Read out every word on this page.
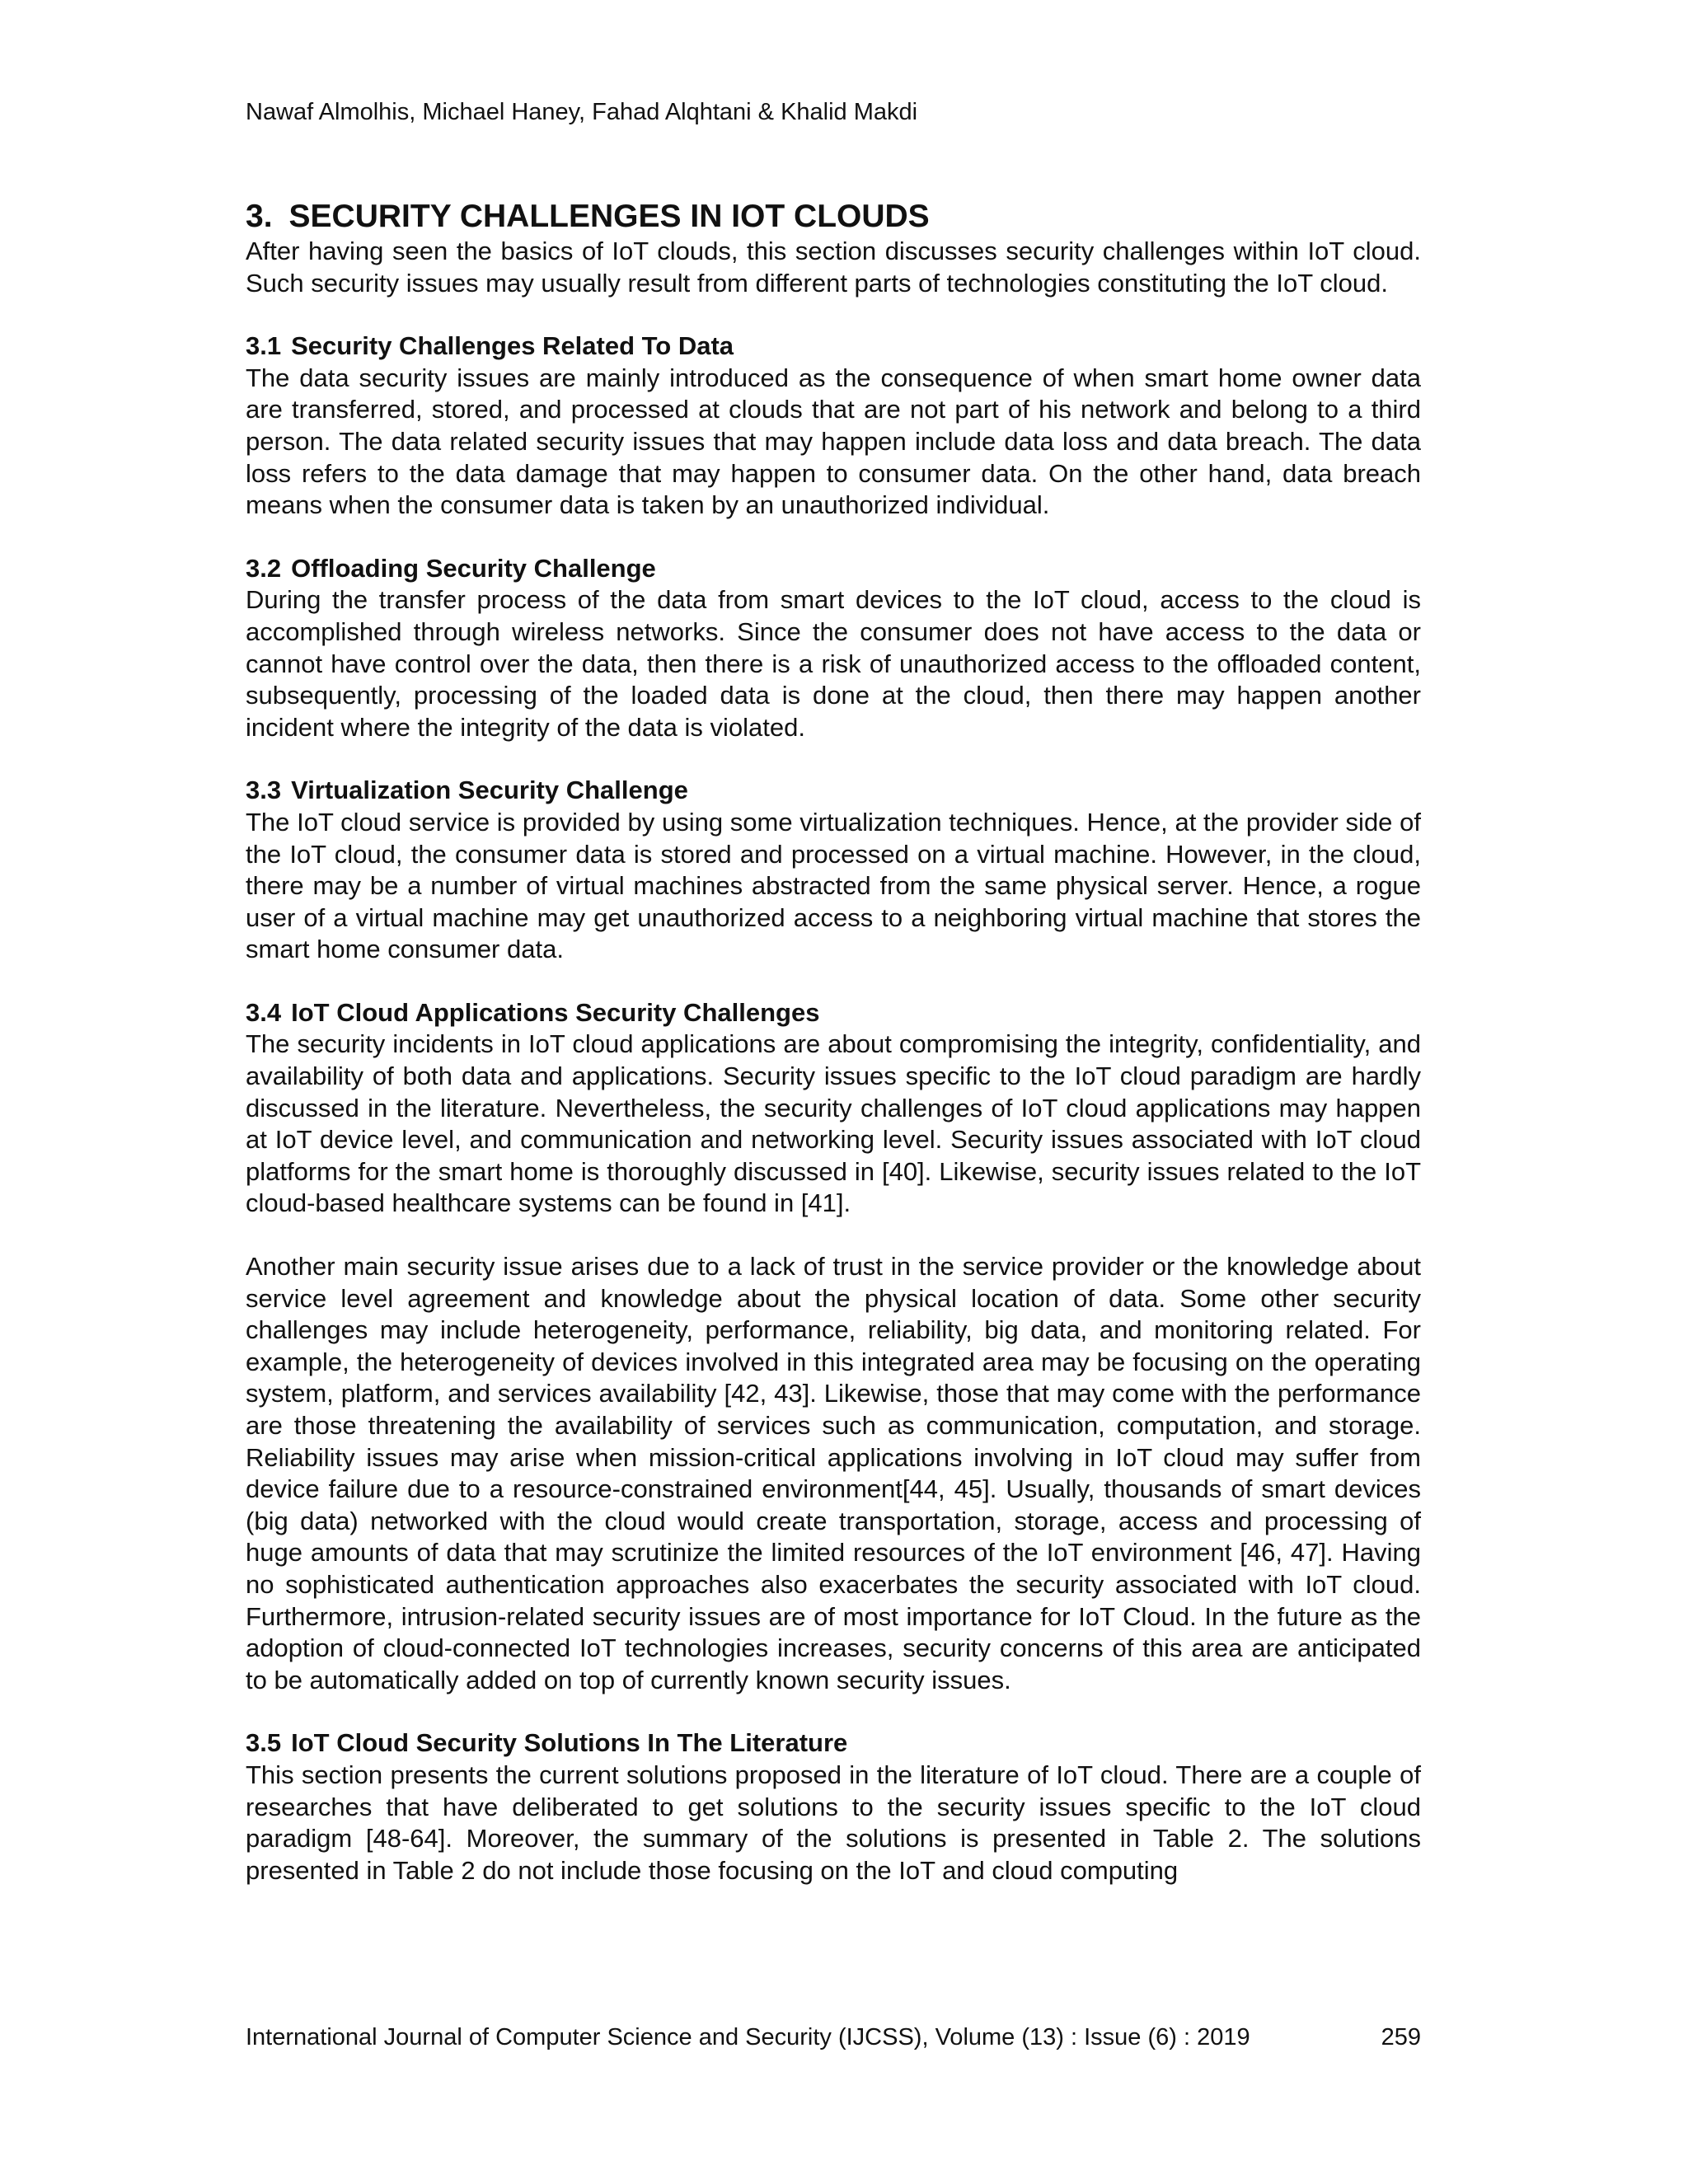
Nawaf Almolhis, Michael Haney, Fahad Alqhtani & Khalid Makdi
3. SECURITY CHALLENGES IN IOT CLOUDS

After having seen the basics of IoT clouds, this section discusses security challenges within IoT cloud. Such security issues may usually result from different parts of technologies constituting the IoT cloud.

3.1 Security Challenges Related To Data

The data security issues are mainly introduced as the consequence of when smart home owner data are transferred, stored, and processed at clouds that are not part of his network and belong to a third person. The data related security issues that may happen include data loss and data breach. The data loss refers to the data damage that may happen to consumer data. On the other hand, data breach means when the consumer data is taken by an unauthorized individual.

3.2 Offloading Security Challenge

During the transfer process of the data from smart devices to the IoT cloud, access to the cloud is accomplished through wireless networks. Since the consumer does not have access to the data or cannot have control over the data, then there is a risk of unauthorized access to the offloaded content, subsequently, processing of the loaded data is done at the cloud, then there may happen another incident where the integrity of the data is violated.

3.3 Virtualization Security Challenge

The IoT cloud service is provided by using some virtualization techniques. Hence, at the provider side of the IoT cloud, the consumer data is stored and processed on a virtual machine. However, in the cloud, there may be a number of virtual machines abstracted from the same physical server. Hence, a rogue user of a virtual machine may get unauthorized access to a neighboring virtual machine that stores the smart home consumer data.

3.4 IoT Cloud Applications Security Challenges

The security incidents in IoT cloud applications are about compromising the integrity, confidentiality, and availability of both data and applications. Security issues specific to the IoT cloud paradigm are hardly discussed in the literature. Nevertheless, the security challenges of IoT cloud applications may happen at IoT device level, and communication and networking level. Security issues associated with IoT cloud platforms for the smart home is thoroughly discussed in [40]. Likewise, security issues related to the IoT cloud-based healthcare systems can be found in [41].

Another main security issue arises due to a lack of trust in the service provider or the knowledge about service level agreement and knowledge about the physical location of data. Some other security challenges may include heterogeneity, performance, reliability, big data, and monitoring related. For example, the heterogeneity of devices involved in this integrated area may be focusing on the operating system, platform, and services availability [42, 43]. Likewise, those that may come with the performance are those threatening the availability of services such as communication, computation, and storage. Reliability issues may arise when mission-critical applications involving in IoT cloud may suffer from device failure due to a resource-constrained environment[44, 45]. Usually, thousands of smart devices (big data) networked with the cloud would create transportation, storage, access and processing of huge amounts of data that may scrutinize the limited resources of the IoT environment [46, 47]. Having no sophisticated authentication approaches also exacerbates the security associated with IoT cloud. Furthermore, intrusion-related security issues are of most importance for IoT Cloud. In the future as the adoption of cloud-connected IoT technologies increases, security concerns of this area are anticipated to be automatically added on top of currently known security issues.

3.5 IoT Cloud Security Solutions In The Literature

This section presents the current solutions proposed in the literature of IoT cloud. There are a couple of researches that have deliberated to get solutions to the security issues specific to the IoT cloud paradigm [48-64]. Moreover, the summary of the solutions is presented in Table 2. The solutions presented in Table 2 do not include those focusing on the IoT and cloud computing

International Journal of Computer Science and Security (IJCSS), Volume (13) : Issue (6) : 2019	259
